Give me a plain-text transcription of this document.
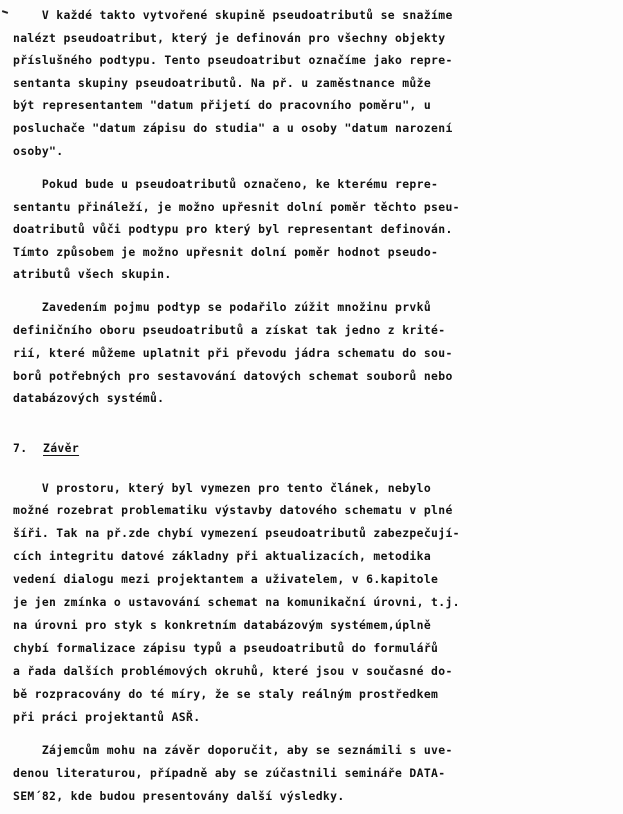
V každé takto vytvořené skupině pseudoatributů se snažíme
nalézt pseudoatribut, který je definován pro všechny objekty
příslušného podtypu. Tento pseudoatribut označíme jako repre-
sentanta skupiny pseudoatributů. Na př. u zaměstnance může
být representantem "datum přijetí do pracovního poměru", u
posluchače "datum zápisu do studia" a u osoby "datum narození
osoby".
Pokud bude u pseudoatributů označeno, ke kterému repre-
sentantu přináleží, je možno upřesnit dolní poměr těchto pseu-
doatributů vůči podtypu pro který byl representant definován.
Tímto způsobem je možno upřesnit dolní poměr hodnot pseudo-
atributů všech skupin.
Zavedením pojmu podtyp se podařilo zúžit množinu prvků
definičního oboru pseudoatributů a získat tak jedno z krité-
rií, které můžeme uplatnit při převodu jádra schematu do sou-
borů potřebných pro sestavování datových schemat souborů nebo
databázových systémů.
7. Závěr
V prostoru, který byl vymezen pro tento článek, nebylo
možné rozebrat problematiku výstavby datového schematu v plné
šíři. Tak na př.zde chybí vymezení pseudoatributů zabezpečují-
cích integritu datové základny při aktualizacích, metodika
vedení dialogu mezi projektantem a uživatelem, v 6.kapitole
je jen zmínka o ustavování schemat na komunikační úrovni, t.j.
na úrovni pro styk s konkretním databázovým systémem,úplně
chybí formalizace zápisu typů a pseudoatributů do formulářů
a řada dalších problémových okruhů, které jsou v současné do-
bě rozpracovány do té míry, že se staly reálným prostředkem
při práci projektantů ASŘ.
Zájemcům mohu na závěr doporučit, aby se seznámili s uve-
denou literaturou, případně aby se zúčastnili semináře DATA-
SEM´82, kde budou presentovány další výsledky.
